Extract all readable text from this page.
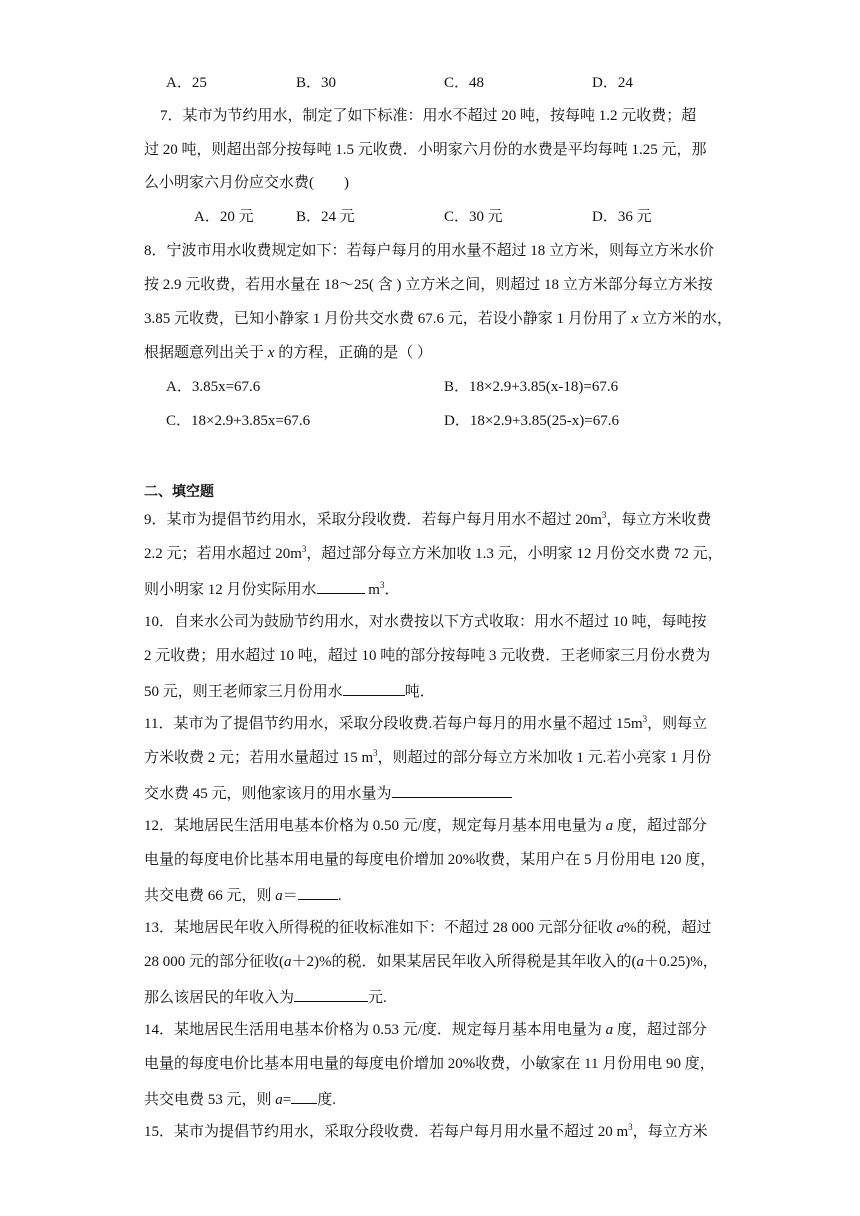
A．25	B．30	C．48	D．24
7．某市为节约用水，制定了如下标准：用水不超过 20 吨，按每吨 1.2 元收费；超
过 20 吨，则超出部分按每吨 1.5 元收费．小明家六月份的水费是平均每吨 1.25 元，那
么小明家六月份应交水费(　　)
A．20 元	B．24 元	C．30 元	D．36 元
8．宁波市用水收费规定如下：若每户每月的用水量不超过 18 立方米，则每立方米水价
按 2.9 元收费，若用水量在 18～25( 含 ) 立方米之间，则超过 18 立方米部分每立方米按
3.85 元收费，已知小静家 1 月份共交水费 67.6 元，若设小静家 1 月份用了 x 立方米的水，
根据题意列出关于 x 的方程，正确的是（ ）
A．3.85x=67.6	B．18×2.9+3.85(x-18)=67.6
C．18×2.9+3.85x=67.6	D．18×2.9+3.85(25-x)=67.6
二、填空题
9．某市为提倡节约用水，采取分段收费．若每户每月用水不超过 $20m^3$，每立方米收费
2.2 元；若用水超过 $20m^3$，超过部分每立方米加收 1.3 元，小明家 12 月份交水费 72 元，
则小明家 12 月份实际用水	$m^3$．
10．自来水公司为鼓励节约用水，对水费按以下方式收取：用水不超过 10 吨，每吨按
2 元收费；用水超过 10 吨，超过 10 吨的部分按每吨 3 元收费．王老师家三月份水费为
50 元，则王老师家三月份用水	吨．
11．某市为了提倡节约用水，采取分段收费.若每户每月的用水量不超过 $15m^3$，则每立
方米收费 2 元；若用水量超过 15 $m^3$，则超过的部分每立方米加收 1 元.若小亮家 1 月份
交水费 45 元，则他家该月的用水量为
12．某地居民生活用电基本价格为 0.50 元/度，规定每月基本用电量为 a 度，超过部分
电量的每度电价比基本用电量的每度电价增加 20%收费，某用户在 5 月份用电 120 度，
共交电费 66 元，则 a＝	.
13．某地居民年收入所得税的征收标准如下：不超过 28 000 元部分征收 a%的税，超过
28 000 元的部分征收(a＋2)%的税．如果某居民年收入所得税是其年收入的(a＋0.25)%，
那么该居民的年收入为	元.
14．某地居民生活用电基本价格为 0.53 元/度．规定每月基本用电量为 a 度，超过部分
电量的每度电价比基本用电量的每度电价增加 20%收费，小敏家在 11 月份用电 90 度，
共交电费 53 元，则 a= 度.
15．某市为提倡节约用水，采取分段收费．若每户每月用水量不超过 20 $m^3$，每立方米
